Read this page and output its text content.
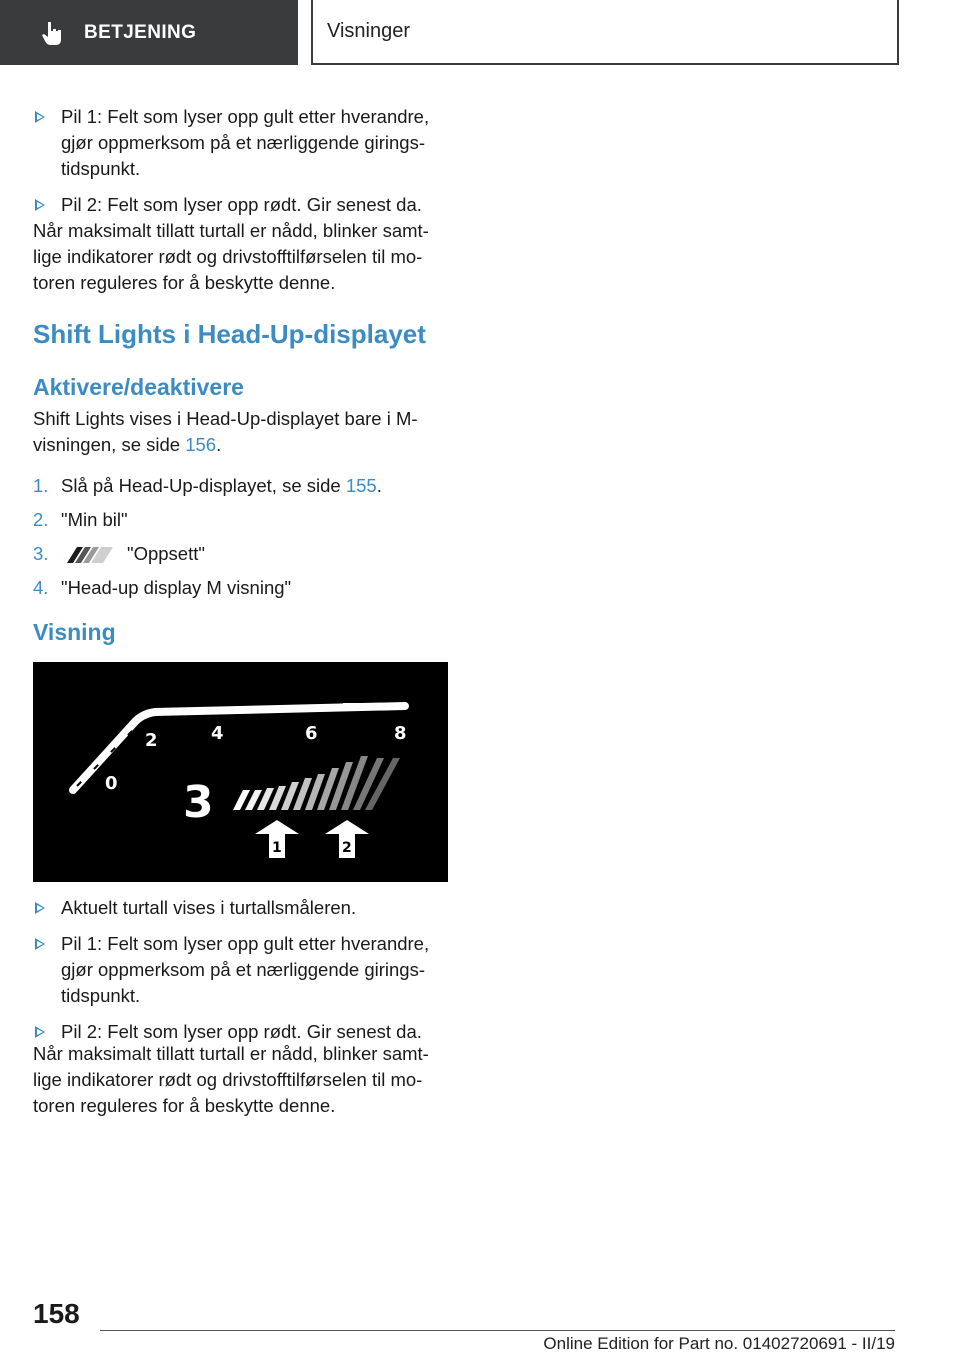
BETJENING	Visninger
Pil 1: Felt som lyser opp gult etter hverandre, gjør oppmerksom på et nærliggende giringstidspunkt.
Pil 2: Felt som lyser opp rødt. Gir senest da.

Når maksimalt tillatt turtall er nådd, blinker samtlige indikatorer rødt og drivstofftilførselen til motoren reguleres for å beskytte denne.

Shift Lights i Head-Up-displayet
Aktivere/deaktivere

Shift Lights vises i Head-Up-displayet bare i M-visningen, se side 156.

1. Slå på Head-Up-displayet, se side 155.
2. "Min bil"
3.	"Oppsett"
4. "Head-up display M visning"
Visning
0
2	4	6	8
3
1	2
Aktuelt turtall vises i turtallsmåleren.
Pil 1: Felt som lyser opp gult etter hverandre, gjør oppmerksom på et nærliggende giringstidspunkt.
Pil 2: Felt som lyser opp rødt. Gir senest da.

Når maksimalt tillatt turtall er nådd, blinker samtlige indikatorer rødt og drivstofftilførselen til motoren reguleres for å beskytte denne.

158
Online Edition for Part no. 01402720691 - II/19
